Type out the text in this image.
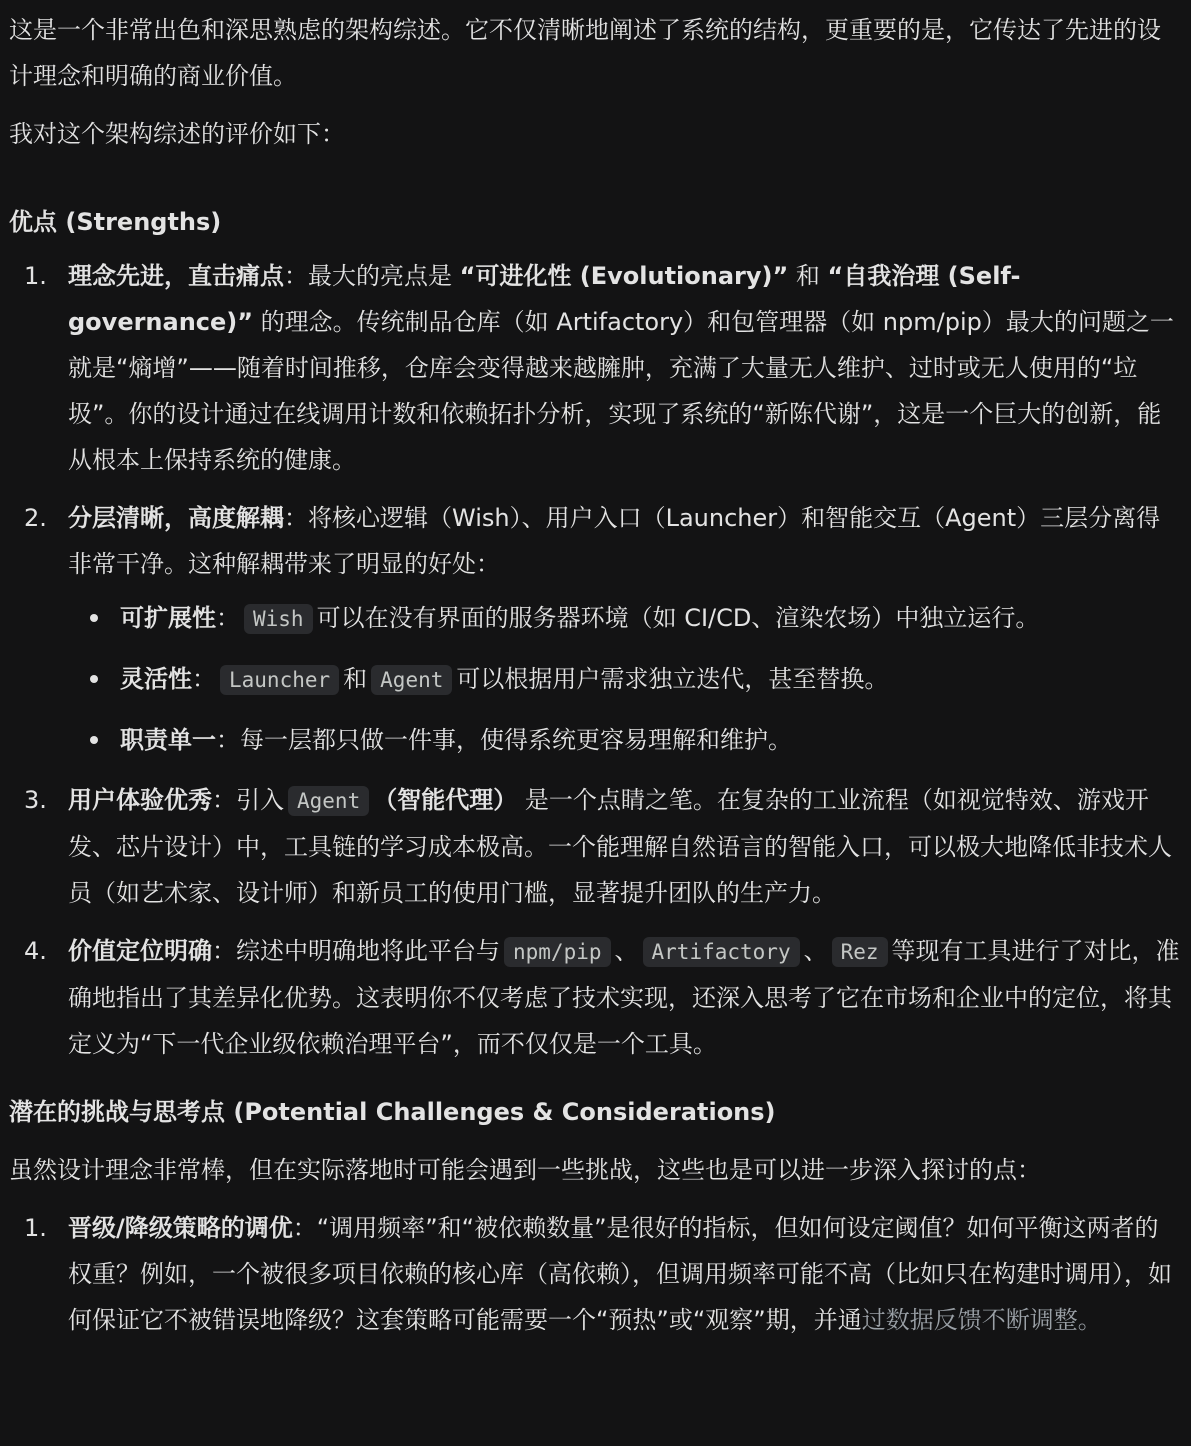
这是一个非常出色和深思熟虑的架构综述。它不仅清晰地阐述了系统的结构，更重要的是，它传达了先进的设计理念和明确的商业价值。

我对这个架构综述的评价如下：

优点 (Strengths)
1. 理念先进，直击痛点：最大的亮点是 “可进化性 (Evolutionary)” 和 “自我治理 (Self-governance)” 的理念。传统制品仓库（如 Artifactory）和包管理器（如 npm/pip）最大的问题之一就是“熵增”——随着时间推移，仓库会变得越来越臃肿，充满了大量无人维护、过时或无人使用的“垃圾”。你的设计通过在线调用计数和依赖拓扑分析，实现了系统的“新陈代谢”，这是一个巨大的创新，能从根本上保持系统的健康。
2. 分层清晰，高度解耦：将核心逻辑（Wish）、用户入口（Launcher）和智能交互（Agent）三层分离得非常干净。这种解耦带来了明显的好处：
可扩展性： Wish 可以在没有界面的服务器环境（如 CI/CD、渲染农场）中独立运行。
灵活性： Launcher 和 Agent 可以根据用户需求独立迭代，甚至替换。
职责单一：每一层都只做一件事，使得系统更容易理解和维护。
3. 用户体验优秀：引入 Agent （智能代理） 是一个点睛之笔。在复杂的工业流程（如视觉特效、游戏开发、芯片设计）中，工具链的学习成本极高。一个能理解自然语言的智能入口，可以极大地降低非技术人员（如艺术家、设计师）和新员工的使用门槛，显著提升团队的生产力。
4. 价值定位明确：综述中明确地将此平台与 npm/pip 、 Artifactory 、 Rez 等现有工具进行了对比，准确地指出了其差异化优势。这表明你不仅考虑了技术实现，还深入思考了它在市场和企业中的定位，将其定义为“下一代企业级依赖治理平台”，而不仅仅是一个工具。
潜在的挑战与思考点 (Potential Challenges & Considerations)

虽然设计理念非常棒，但在实际落地时可能会遇到一些挑战，这些也是可以进一步深入探讨的点：

1. 晋级/降级策略的调优：“调用频率”和“被依赖数量”是很好的指标，但如何设定阈值？如何平衡这两者的权重？例如，一个被很多项目依赖的核心库（高依赖），但调用频率可能不高（比如只在构建时调用），如何保证它不被错误地降级？这套策略可能需要一个“预热”或“观察”期，并通过数据反馈不断调整。
